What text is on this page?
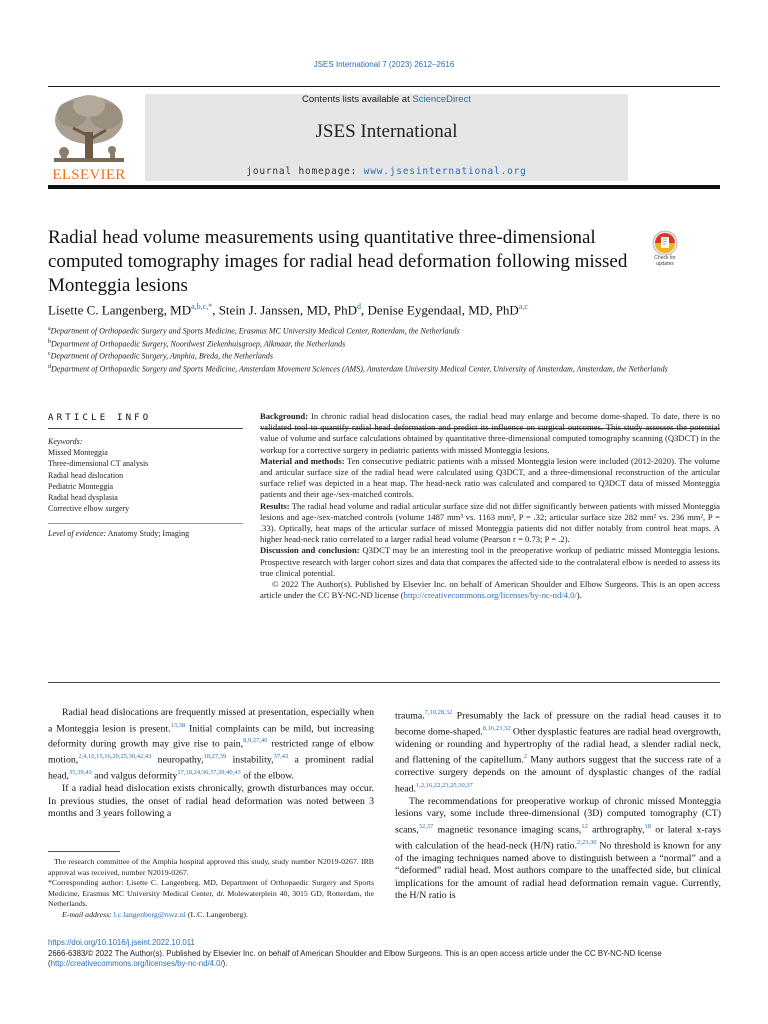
JSES International 7 (2023) 2612–2616
ELSEVIER
Contents lists available at ScienceDirect
JSES International
journal homepage: www.jsesinternational.org
Radial head volume measurements using quantitative three-dimensional computed tomography images for radial head deformation following missed Monteggia lesions
Check for updates
Lisette C. Langenberg, $MD^{a,b,c,*}$, Stein J. Janssen, MD, PhD$^d$, Denise Eygendaal, MD, PhD$^{a,c}$
$^a$Department of Orthopaedic Surgery and Sports Medicine, Erasmus MC University Medical Center, Rotterdam, the Netherlands
$^b$Department of Orthopaedic Surgery, Noordwest Ziekenhuisgroep, Alkmaar, the Netherlands
$^c$Department of Orthopaedic Surgery, Amphia, Breda, the Netherlands
$^d$Department of Orthopaedic Surgery and Sports Medicine, Amsterdam Movement Sciences (AMS), Amsterdam University Medical Center, University of Amsterdam, Amsterdam, the Netherlands
ARTICLE INFO
Keywords:
Missed Monteggia
Three-dimensional CT analysis
Radial head dislocation
Pediatric Monteggia
Radial head dysplasia
Corrective elbow surgery
Level of evidence: Anatomy Study; Imaging

Background: In chronic radial head dislocation cases, the radial head may enlarge and become dome-shaped. To date, there is no validated tool to quantify radial head deformation and predict its influence on surgical outcomes. This study assesses the potential value of volume and surface calculations obtained by quantitative three-dimensional computed tomography scanning (Q3DCT) in the workup for a corrective surgery in pediatric patients with missed Monteggia lesions.

Material and methods: Ten consecutive pediatric patients with a missed Monteggia lesion were included (2012-2020). The volume and articular surface size of the radial head were calculated using Q3DCT, and a three-dimensional reconstruction of the articular surface relief was depicted in a heat map. The head-neck ratio was calculated and compared to Q3DCT data of missed Monteggia patients and their age-/sex-matched controls.

Results: The radial head volume and radial articular surface size did not differ significantly between patients with missed Monteggia lesions and age-/sex-matched controls (volume 1487 mm³ vs. 1163 mm³, P = .32; articular surface size 282 mm² vs. 236 mm², P = .33). Optically, heat maps of the articular surface of missed Monteggia patients did not differ notably from control heat maps. A higher head-neck ratio correlated to a larger radial head volume (Pearson r = 0.73; P = .2).

Discussion and conclusion: Q3DCT may be an interesting tool in the preoperative workup of pediatric missed Monteggia lesions. Prospective research with larger cohort sizes and data that compares the affected side to the contralateral elbow is needed to assess its true clinical potential.

© 2022 The Author(s). Published by Elsevier Inc. on behalf of American Shoulder and Elbow Surgeons. This is an open access article under the CC BY-NC-ND license (http://creativecommons.org/licenses/by-nc-nd/4.0/).

Radial head dislocations are frequently missed at presentation, especially when a Monteggia lesion is present.$^{13,38}$ Initial complaints can be mild, but increasing deformity during growth may give rise to pain,$^{8,9,27,40}$ restricted range of elbow motion,$^{2,4,10,15,16,20,25,30,42,43}$ neuropathy,$^{18,27,39}$ instability,$^{37,43}$ a prominent radial head,$^{35,39,43}$ and valgus deformity$^{17,18,24,36,37,39,40,43}$ of the elbow.

If a radial head dislocation exists chronically, growth disturbances may occur. In previous studies, the onset of radial head deformation was noted between 3 months and 3 years following a

The research committee of the Amphia hospital approved this study, study number N2019-0267. IRB approval was received, number N2019-0267.

*Corresponding author: Lisette C. Langenberg, MD, Department of Orthopaedic Surgery and Sports Medicine, Erasmus MC University Medical Center, dr. Molewaterplein 40, 3015 GD, Rotterdam, the Netherlands.

E-mail address: l.c.langenberg@nwz.nl (L.C. Langenberg).

trauma.$^{7,10,28,32}$ Presumably the lack of pressure on the radial head causes it to become dome-shaped.$^{8,16,23,32}$ Other dysplastic features are radial head overgrowth, widening or rounding and hypertrophy of the radial head, a slender radial neck, and flattening of the capitellum.$^2$ Many authors suggest that the success rate of a corrective surgery depends on the amount of dysplastic changes of the radial head.$^{1,2,16,22,23,25,30,37}$

The recommendations for preoperative workup of chronic missed Monteggia lesions vary, some include three-dimensional (3D) computed tomography (CT) scans,$^{32,37}$ magnetic resonance imaging scans,$^{12}$ arthrography,$^{18}$ or lateral x-rays with calculation of the head-neck (H/N) ratio.$^{2,23,30}$ No threshold is known for any of the imaging techniques named above to distinguish between a “normal” and a “deformed” radial head. Most authors compare to the unaffected side, but clinical implications for the amount of radial head deformation remain vague. Currently, the H/N ratio is

https://doi.org/10.1016/j.jseint.2022.10.011

2666-6383/© 2022 The Author(s). Published by Elsevier Inc. on behalf of American Shoulder and Elbow Surgeons. This is an open access article under the CC BY-NC-ND license (http://creativecommons.org/licenses/by-nc-nd/4.0/).
